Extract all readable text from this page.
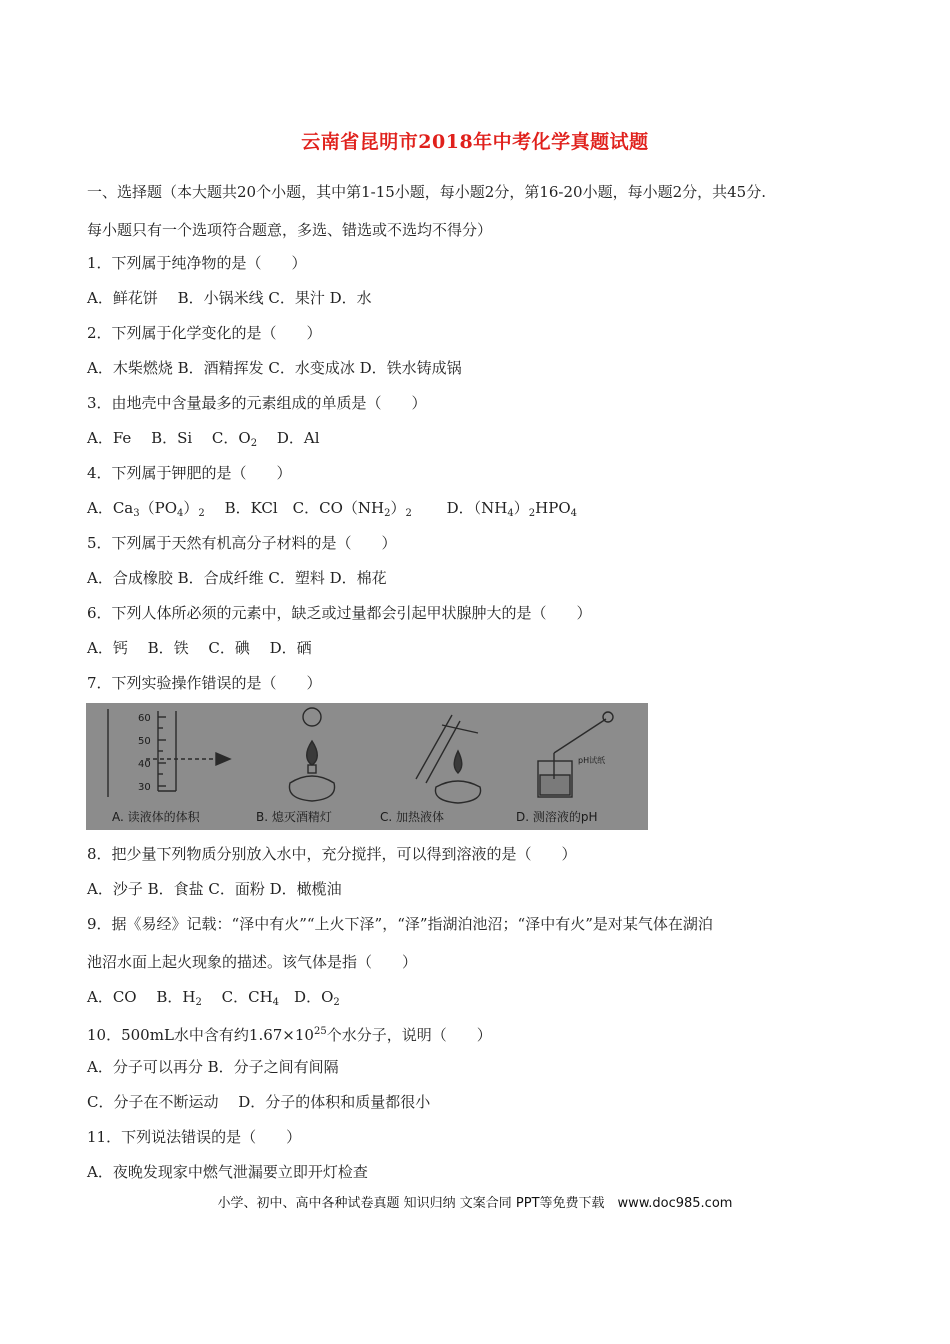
云南省昆明市2018年中考化学真题试题
一、选择题（本大题共20个小题，其中第1-15小题，每小题2分，第16-20小题，每小题2分，共45分.
每小题只有一个选项符合题意，多选、错选或不选均不得分）
1．下列属于纯净物的是（　　）
A．鲜花饼　 B．小锅米线 C．果汁 D．水
2．下列属于化学变化的是（　　）
A．木柴燃烧 B．酒精挥发 C．水变成冰 D．铁水铸成锅
3．由地壳中含量最多的元素组成的单质是（　　）
A．Fe　 B．Si　 C．$O_2$　 D．Al
4．下列属于钾肥的是（　　）
A．$Ca_3(PO_4)_2$　 B．KCl　C．$CO(NH_2)_2$　 　D．$(NH_4)_2HPO_4$
5．下列属于天然有机高分子材料的是（　　）
A．合成橡胶 B．合成纤维 C．塑料 D．棉花
6．下列人体所必须的元素中，缺乏或过量都会引起甲状腺肿大的是（　　）
A．钙　 B．铁　 C．碘　 D．硒
7．下列实验操作错误的是（　　）
60
50
40
30
pH试纸
A. 读液体的体积	B. 熄灭酒精灯	C. 加热液体	D. 测溶液的pH
8．把少量下列物质分别放入水中，充分搅拌，可以得到溶液的是（　　）
A．沙子 B．食盐 C．面粉 D．橄榄油
9．据《易经》记载：“泽中有火”“上火下泽”，“泽”指湖泊池沼；“泽中有火”是对某气体在湖泊
池沼水面上起火现象的描述。该气体是指（　　）
A．CO　 B．$H_2$　 C．$CH_4$　D．$O_2$
10．500mL水中含有约$1.67\times 10^{25}$个水分子，说明（　　）
A．分子可以再分 B．分子之间有间隔
C．分子在不断运动　 D．分子的体积和质量都很小
11．下列说法错误的是（　　）
A．夜晚发现家中燃气泄漏要立即开灯检查
小学、初中、高中各种试卷真题 知识归纳 文案合同 PPT等免费下载　www.doc985.com
